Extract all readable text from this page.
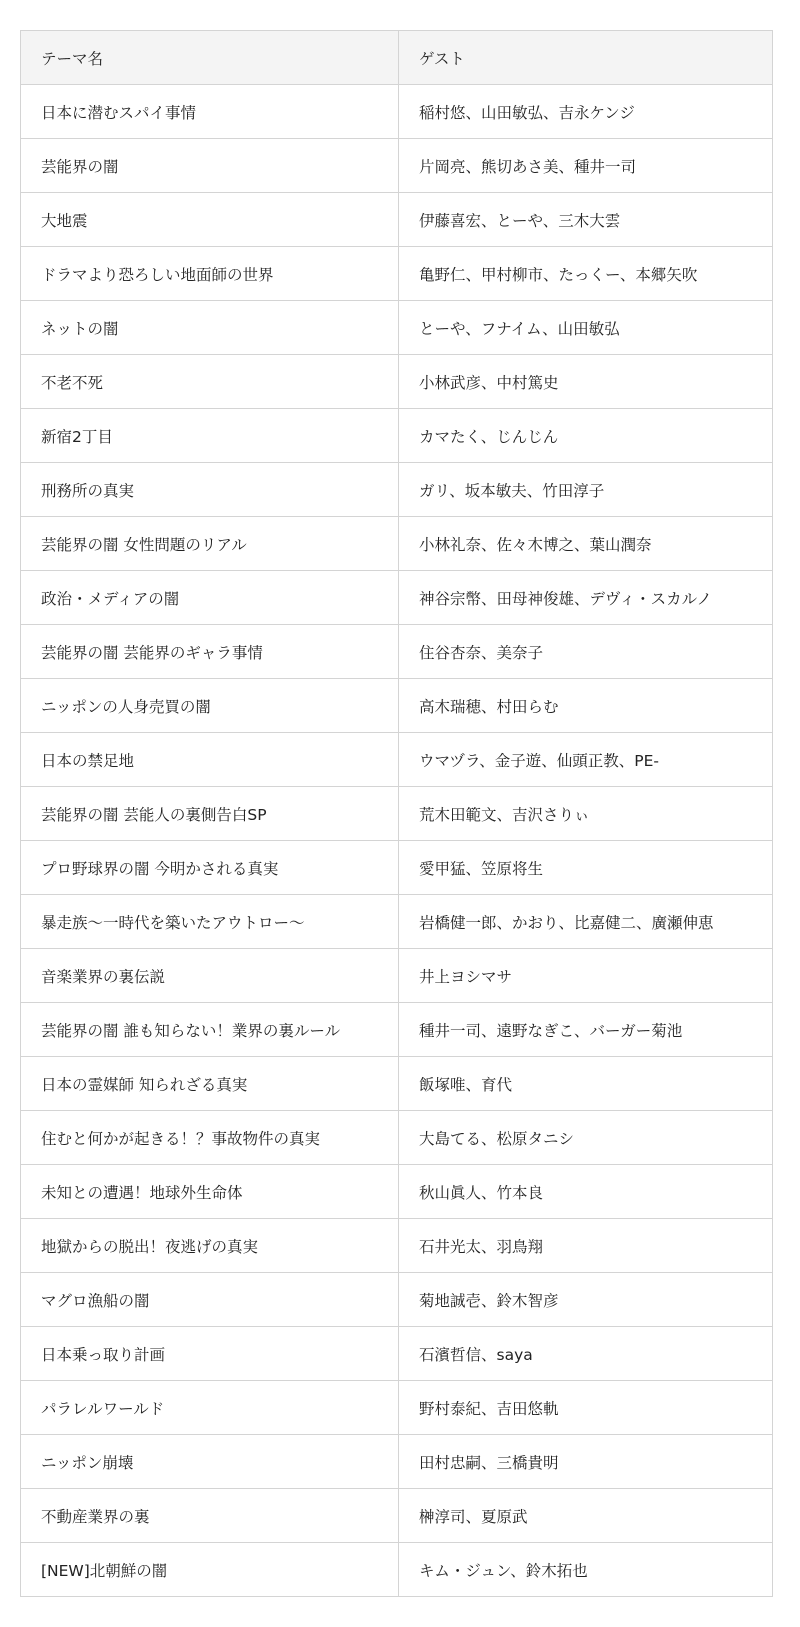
テーマ名	ゲスト
日本に潜むスパイ事情	稲村悠、山田敏弘、吉永ケンジ
芸能界の闇	片岡亮、熊切あさ美、種井一司
大地震	伊藤喜宏、とーや、三木大雲
ドラマより恐ろしい地面師の世界	亀野仁、甲村柳市、たっくー、本郷矢吹
ネットの闇	とーや、フナイム、山田敏弘
不老不死	小林武彦、中村篤史
新宿2丁目	カマたく、じんじん
刑務所の真実	ガリ、坂本敏夫、竹田淳子
芸能界の闇 女性問題のリアル	小林礼奈、佐々木博之、葉山潤奈
政治・メディアの闇	神谷宗幣、田母神俊雄、デヴィ・スカルノ
芸能界の闇 芸能界のギャラ事情	住谷杏奈、美奈子
ニッポンの人身売買の闇	高木瑞穂、村田らむ
日本の禁足地	ウマヅラ、金子遊、仙頭正教、PE-
芸能界の闇 芸能人の裏側告白SP	荒木田範文、吉沢さりぃ
プロ野球界の闇 今明かされる真実	愛甲猛、笠原将生
暴走族〜一時代を築いたアウトロー〜	岩橋健一郎、かおり、比嘉健二、廣瀬伸恵
音楽業界の裏伝説	井上ヨシマサ
芸能界の闇 誰も知らない！業界の裏ルール	種井一司、遠野なぎこ、バーガー菊池
日本の霊媒師 知られざる真実	飯塚唯、育代
住むと何かが起きる！？事故物件の真実	大島てる、松原タニシ
未知との遭遇！地球外生命体	秋山眞人、竹本良
地獄からの脱出！夜逃げの真実	石井光太、羽鳥翔
マグロ漁船の闇	菊地誠壱、鈴木智彦
日本乗っ取り計画	石濱哲信、saya
パラレルワールド	野村泰紀、吉田悠軌
ニッポン崩壊	田村忠嗣、三橋貴明
不動産業界の裏	榊淳司、夏原武
[NEW]北朝鮮の闇	キム・ジュン、鈴木拓也
